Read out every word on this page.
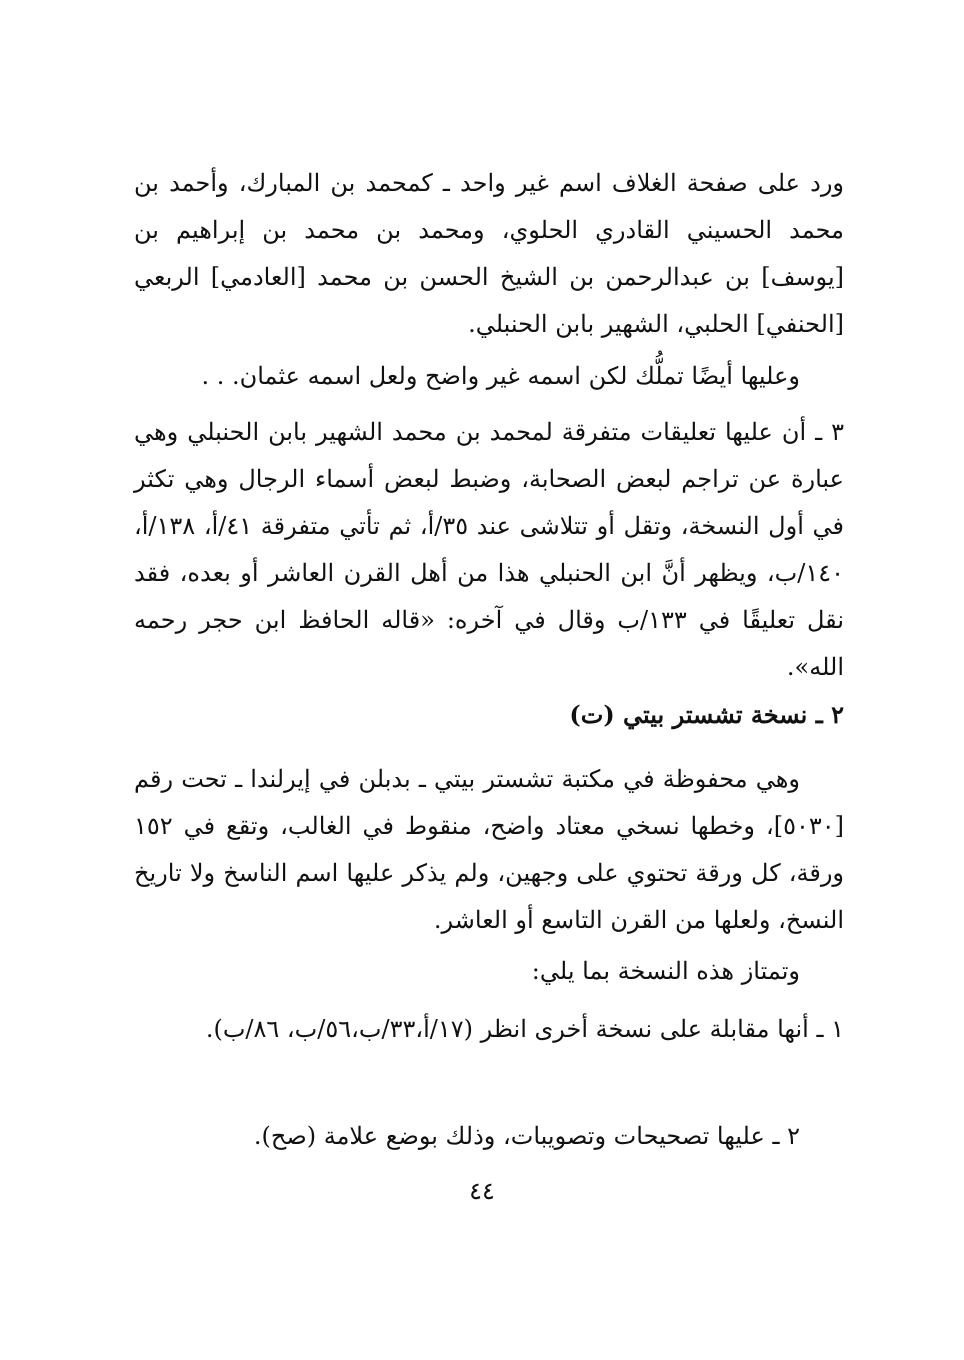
ورد على صفحة الغلاف اسم غير واحد ـ كمحمد بن المبارك، وأحمد بن محمد الحسيني القادري الحلوي، ومحمد بن محمد بن إبراهيم بن [يوسف] بن عبدالرحمن بن الشيخ الحسن بن محمد [العادمي] الربعي [الحنفي] الحلبي، الشهير بابن الحنبلي.

وعليها أيضًا تملُّك لكن اسمه غير واضح ولعل اسمه عثمان. . .

٣ ـ أن عليها تعليقات متفرقة لمحمد بن محمد الشهير بابن الحنبلي وهي عبارة عن تراجم لبعض الصحابة، وضبط لبعض أسماء الرجال وهي تكثر في أول النسخة، وتقل أو تتلاشى عند ٣٥/أ، ثم تأتي متفرقة ٤١/أ، ١٣٨/أ، ١٤٠/ب، ويظهر أنَّ ابن الحنبلي هذا من أهل القرن العاشر أو بعده، فقد نقل تعليقًا في ١٣٣/ب وقال في آخره: «قاله الحافظ ابن حجر رحمه الله».

٢ ـ نسخة تشستر بيتي (ت)

وهي محفوظة في مكتبة تشستر بيتي ـ بدبلن في إيرلندا ـ تحت رقم [٥٠٣٠]، وخطها نسخي معتاد واضح، منقوط في الغالب، وتقع في ١٥٢ ورقة، كل ورقة تحتوي على وجهين، ولم يذكر عليها اسم الناسخ ولا تاريخ النسخ، ولعلها من القرن التاسع أو العاشر.

وتمتاز هذه النسخة بما يلي:

١ ـ أنها مقابلة على نسخة أخرى انظر (١٧/أ،٣٣/ب،٥٦/ب، ٨٦/ب).

٢ ـ عليها تصحيحات وتصويبات، وذلك بوضع علامة (صح).

٤٤
